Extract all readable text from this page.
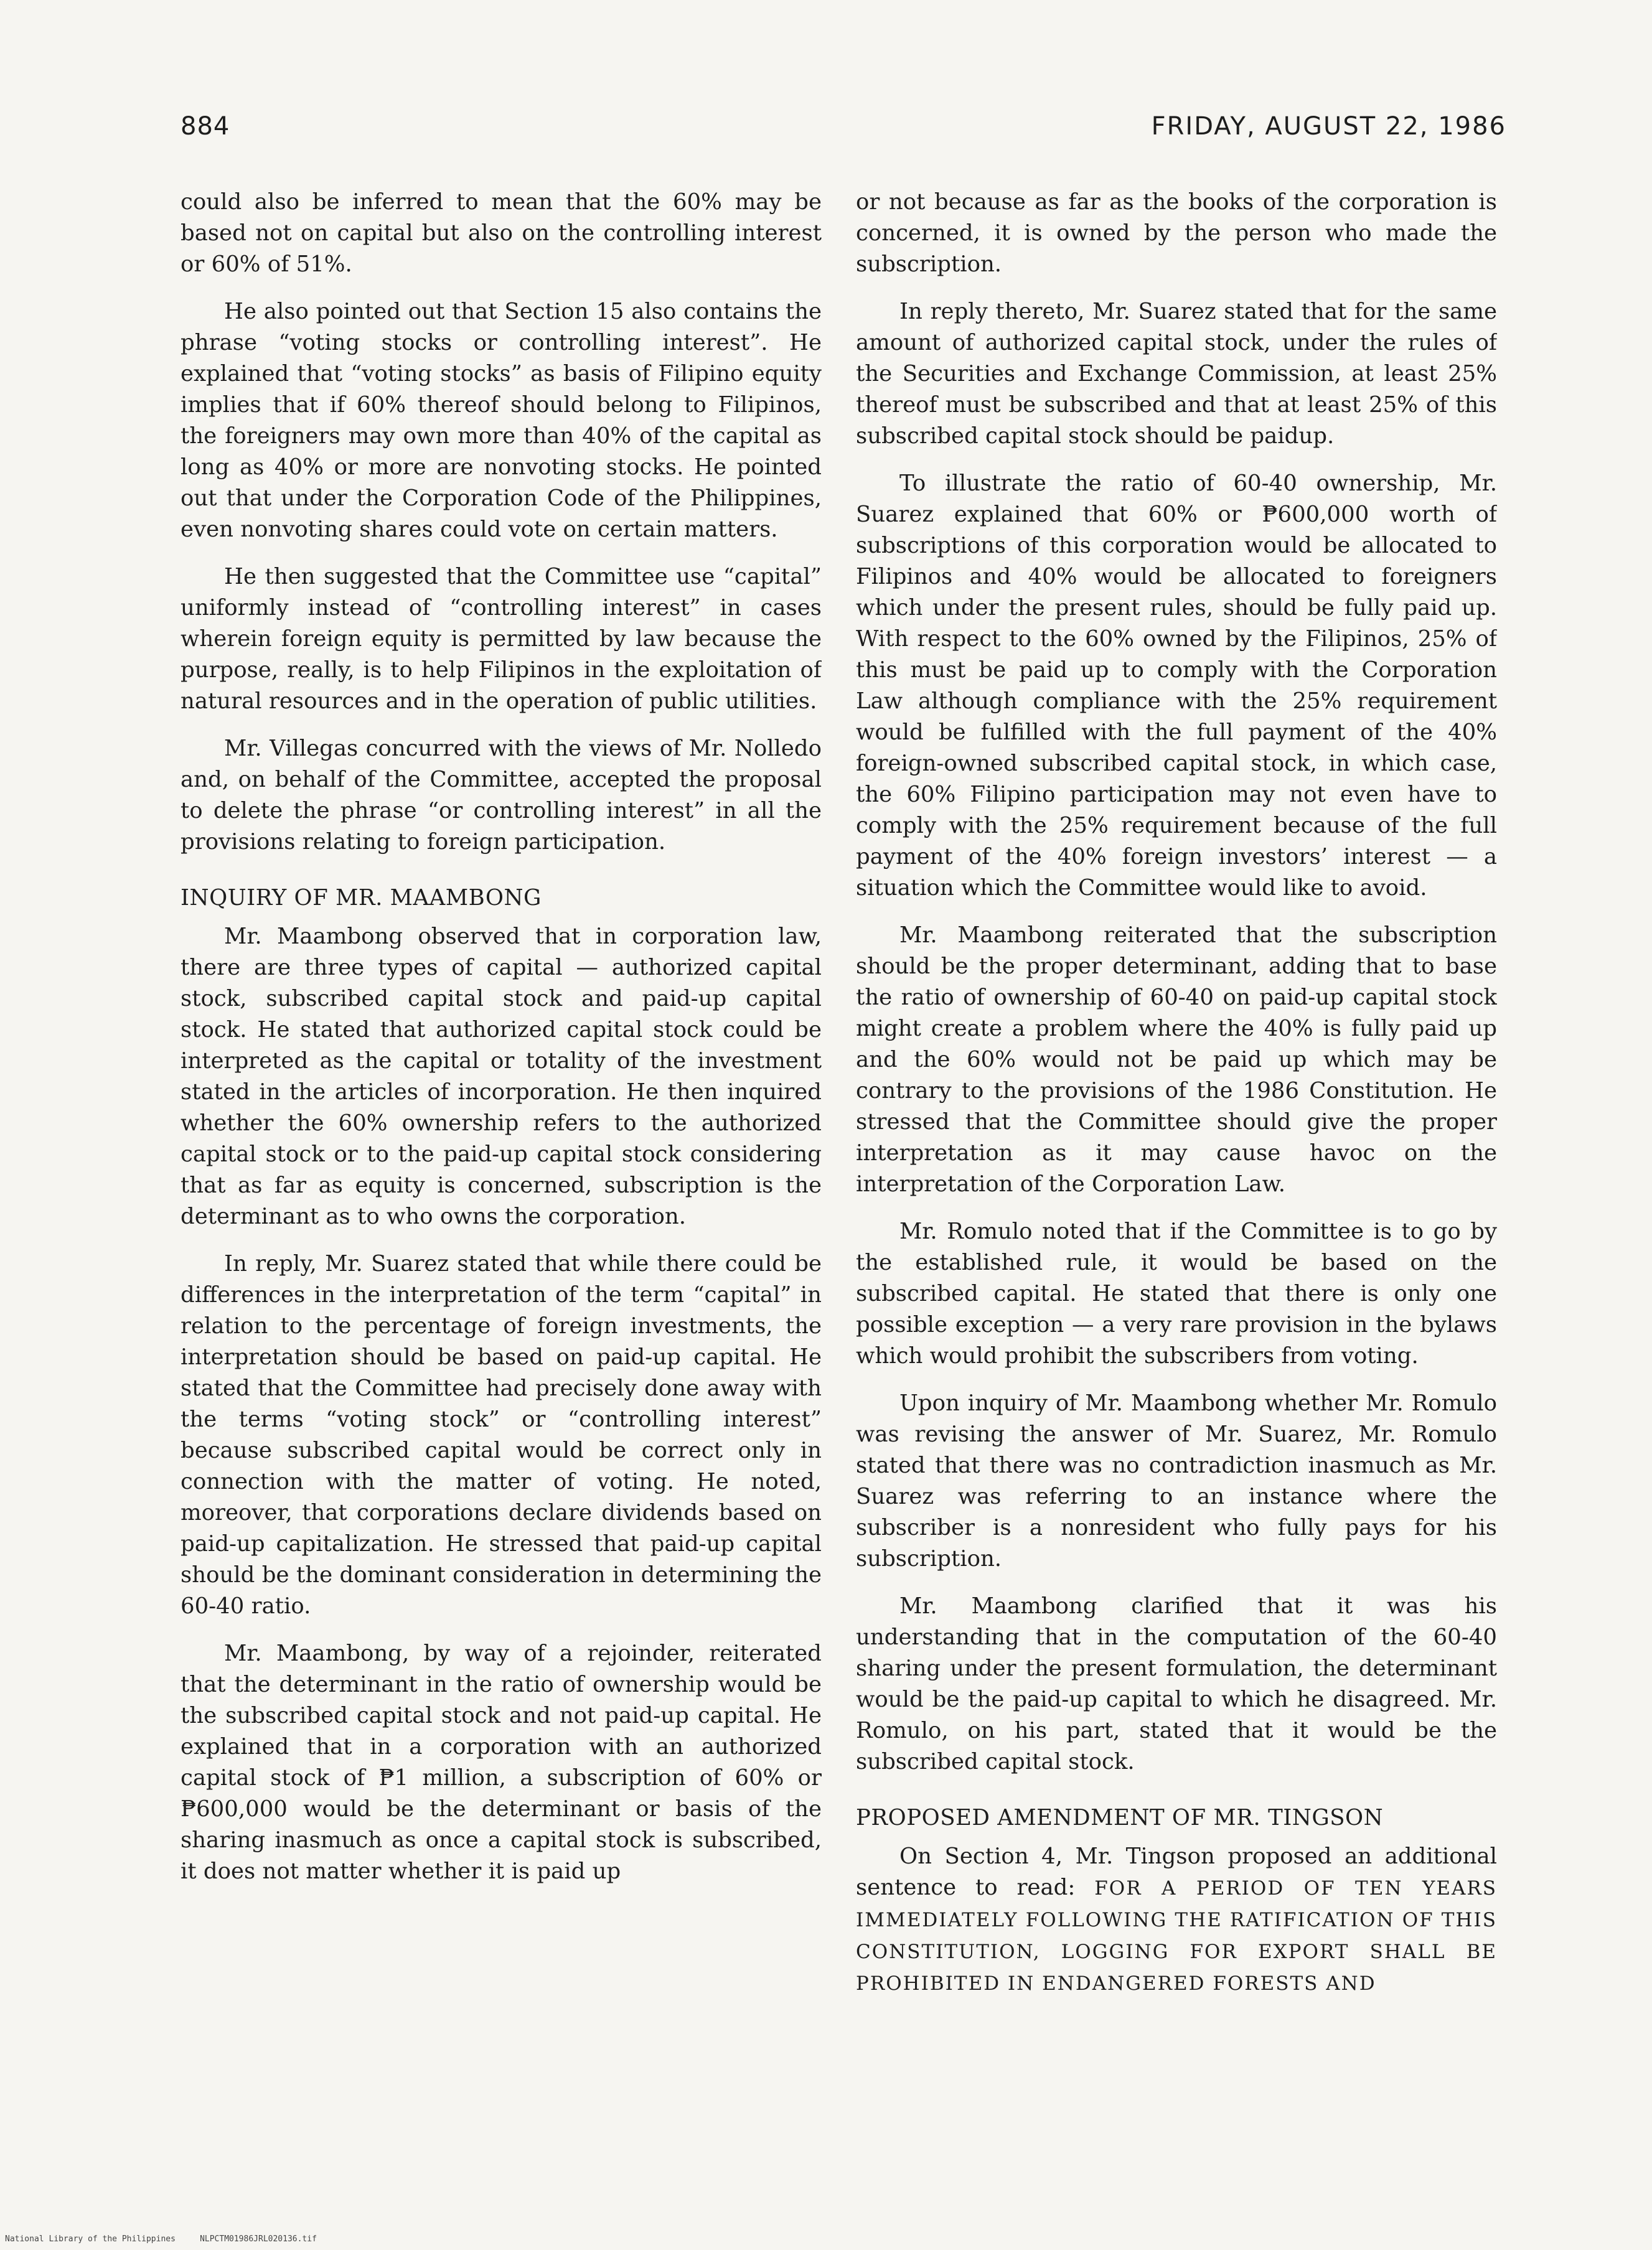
884	FRIDAY, AUGUST 22, 1986

could also be inferred to mean that the 60% may be based not on capital but also on the controlling interest or 60% of 51%.

He also pointed out that Section 15 also contains the phrase “voting stocks or controlling interest”. He explained that “voting stocks” as basis of Filipino equity implies that if 60% thereof should belong to Filipinos, the foreigners may own more than 40% of the capital as long as 40% or more are nonvoting stocks. He pointed out that under the Corporation Code of the Philippines, even nonvoting shares could vote on certain matters.

He then suggested that the Committee use “capital” uniformly instead of “controlling interest” in cases wherein foreign equity is permitted by law because the purpose, really, is to help Filipinos in the exploitation of natural resources and in the operation of public utilities.

Mr. Villegas concurred with the views of Mr. Nolledo and, on behalf of the Committee, accepted the proposal to delete the phrase “or controlling interest” in all the provisions relating to foreign participation.

INQUIRY OF MR. MAAMBONG

Mr. Maambong observed that in corporation law, there are three types of capital — authorized capital stock, subscribed capital stock and paid-up capital stock. He stated that authorized capital stock could be interpreted as the capital or totality of the investment stated in the articles of incorporation. He then inquired whether the 60% ownership refers to the authorized capital stock or to the paid-up capital stock considering that as far as equity is concerned, subscription is the determinant as to who owns the corporation.

In reply, Mr. Suarez stated that while there could be differences in the interpretation of the term “capital” in relation to the percentage of foreign investments, the interpretation should be based on paid-up capital. He stated that the Committee had precisely done away with the terms “voting stock” or “controlling interest” because subscribed capital would be correct only in connection with the matter of voting. He noted, moreover, that corporations declare dividends based on paid-up capitalization. He stressed that paid-up capital should be the dominant consideration in determining the 60-40 ratio.

Mr. Maambong, by way of a rejoinder, reiterated that the determinant in the ratio of ownership would be the subscribed capital stock and not paid-up capital. He explained that in a corporation with an authorized capital stock of ₱1 million, a subscription of 60% or ₱600,000 would be the determinant or basis of the sharing inasmuch as once a capital stock is subscribed, it does not matter whether it is paid up

or not because as far as the books of the corporation is concerned, it is owned by the person who made the subscription.

In reply thereto, Mr. Suarez stated that for the same amount of authorized capital stock, under the rules of the Securities and Exchange Commission, at least 25% thereof must be subscribed and that at least 25% of this subscribed capital stock should be paidup.

To illustrate the ratio of 60-40 ownership, Mr. Suarez explained that 60% or ₱600,000 worth of subscriptions of this corporation would be allocated to Filipinos and 40% would be allocated to foreigners which under the present rules, should be fully paid up. With respect to the 60% owned by the Filipinos, 25% of this must be paid up to comply with the Corporation Law although compliance with the 25% requirement would be fulfilled with the full payment of the 40% foreign-owned subscribed capital stock, in which case, the 60% Filipino participation may not even have to comply with the 25% requirement because of the full payment of the 40% foreign investors’ interest — a situation which the Committee would like to avoid.

Mr. Maambong reiterated that the subscription should be the proper determinant, adding that to base the ratio of ownership of 60-40 on paid-up capital stock might create a problem where the 40% is fully paid up and the 60% would not be paid up which may be contrary to the provisions of the 1986 Constitution. He stressed that the Committee should give the proper interpretation as it may cause havoc on the interpretation of the Corporation Law.

Mr. Romulo noted that if the Committee is to go by the established rule, it would be based on the subscribed capital. He stated that there is only one possible exception — a very rare provision in the bylaws which would prohibit the subscribers from voting.

Upon inquiry of Mr. Maambong whether Mr. Romulo was revising the answer of Mr. Suarez, Mr. Romulo stated that there was no contradiction inasmuch as Mr. Suarez was referring to an instance where the subscriber is a nonresident who fully pays for his subscription.

Mr. Maambong clarified that it was his understanding that in the computation of the 60-40 sharing under the present formulation, the determinant would be the paid-up capital to which he disagreed. Mr. Romulo, on his part, stated that it would be the subscribed capital stock.

PROPOSED AMENDMENT OF MR. TINGSON

On Section 4, Mr. Tingson proposed an additional sentence to read: FOR A PERIOD OF TEN YEARS IMMEDIATELY FOLLOWING THE RATIFICATION OF THIS CONSTITUTION, LOGGING FOR EXPORT SHALL BE PROHIBITED IN ENDANGERED FORESTS AND

National Library of the Philippines     NLPCTM01986JRL020136.tif
